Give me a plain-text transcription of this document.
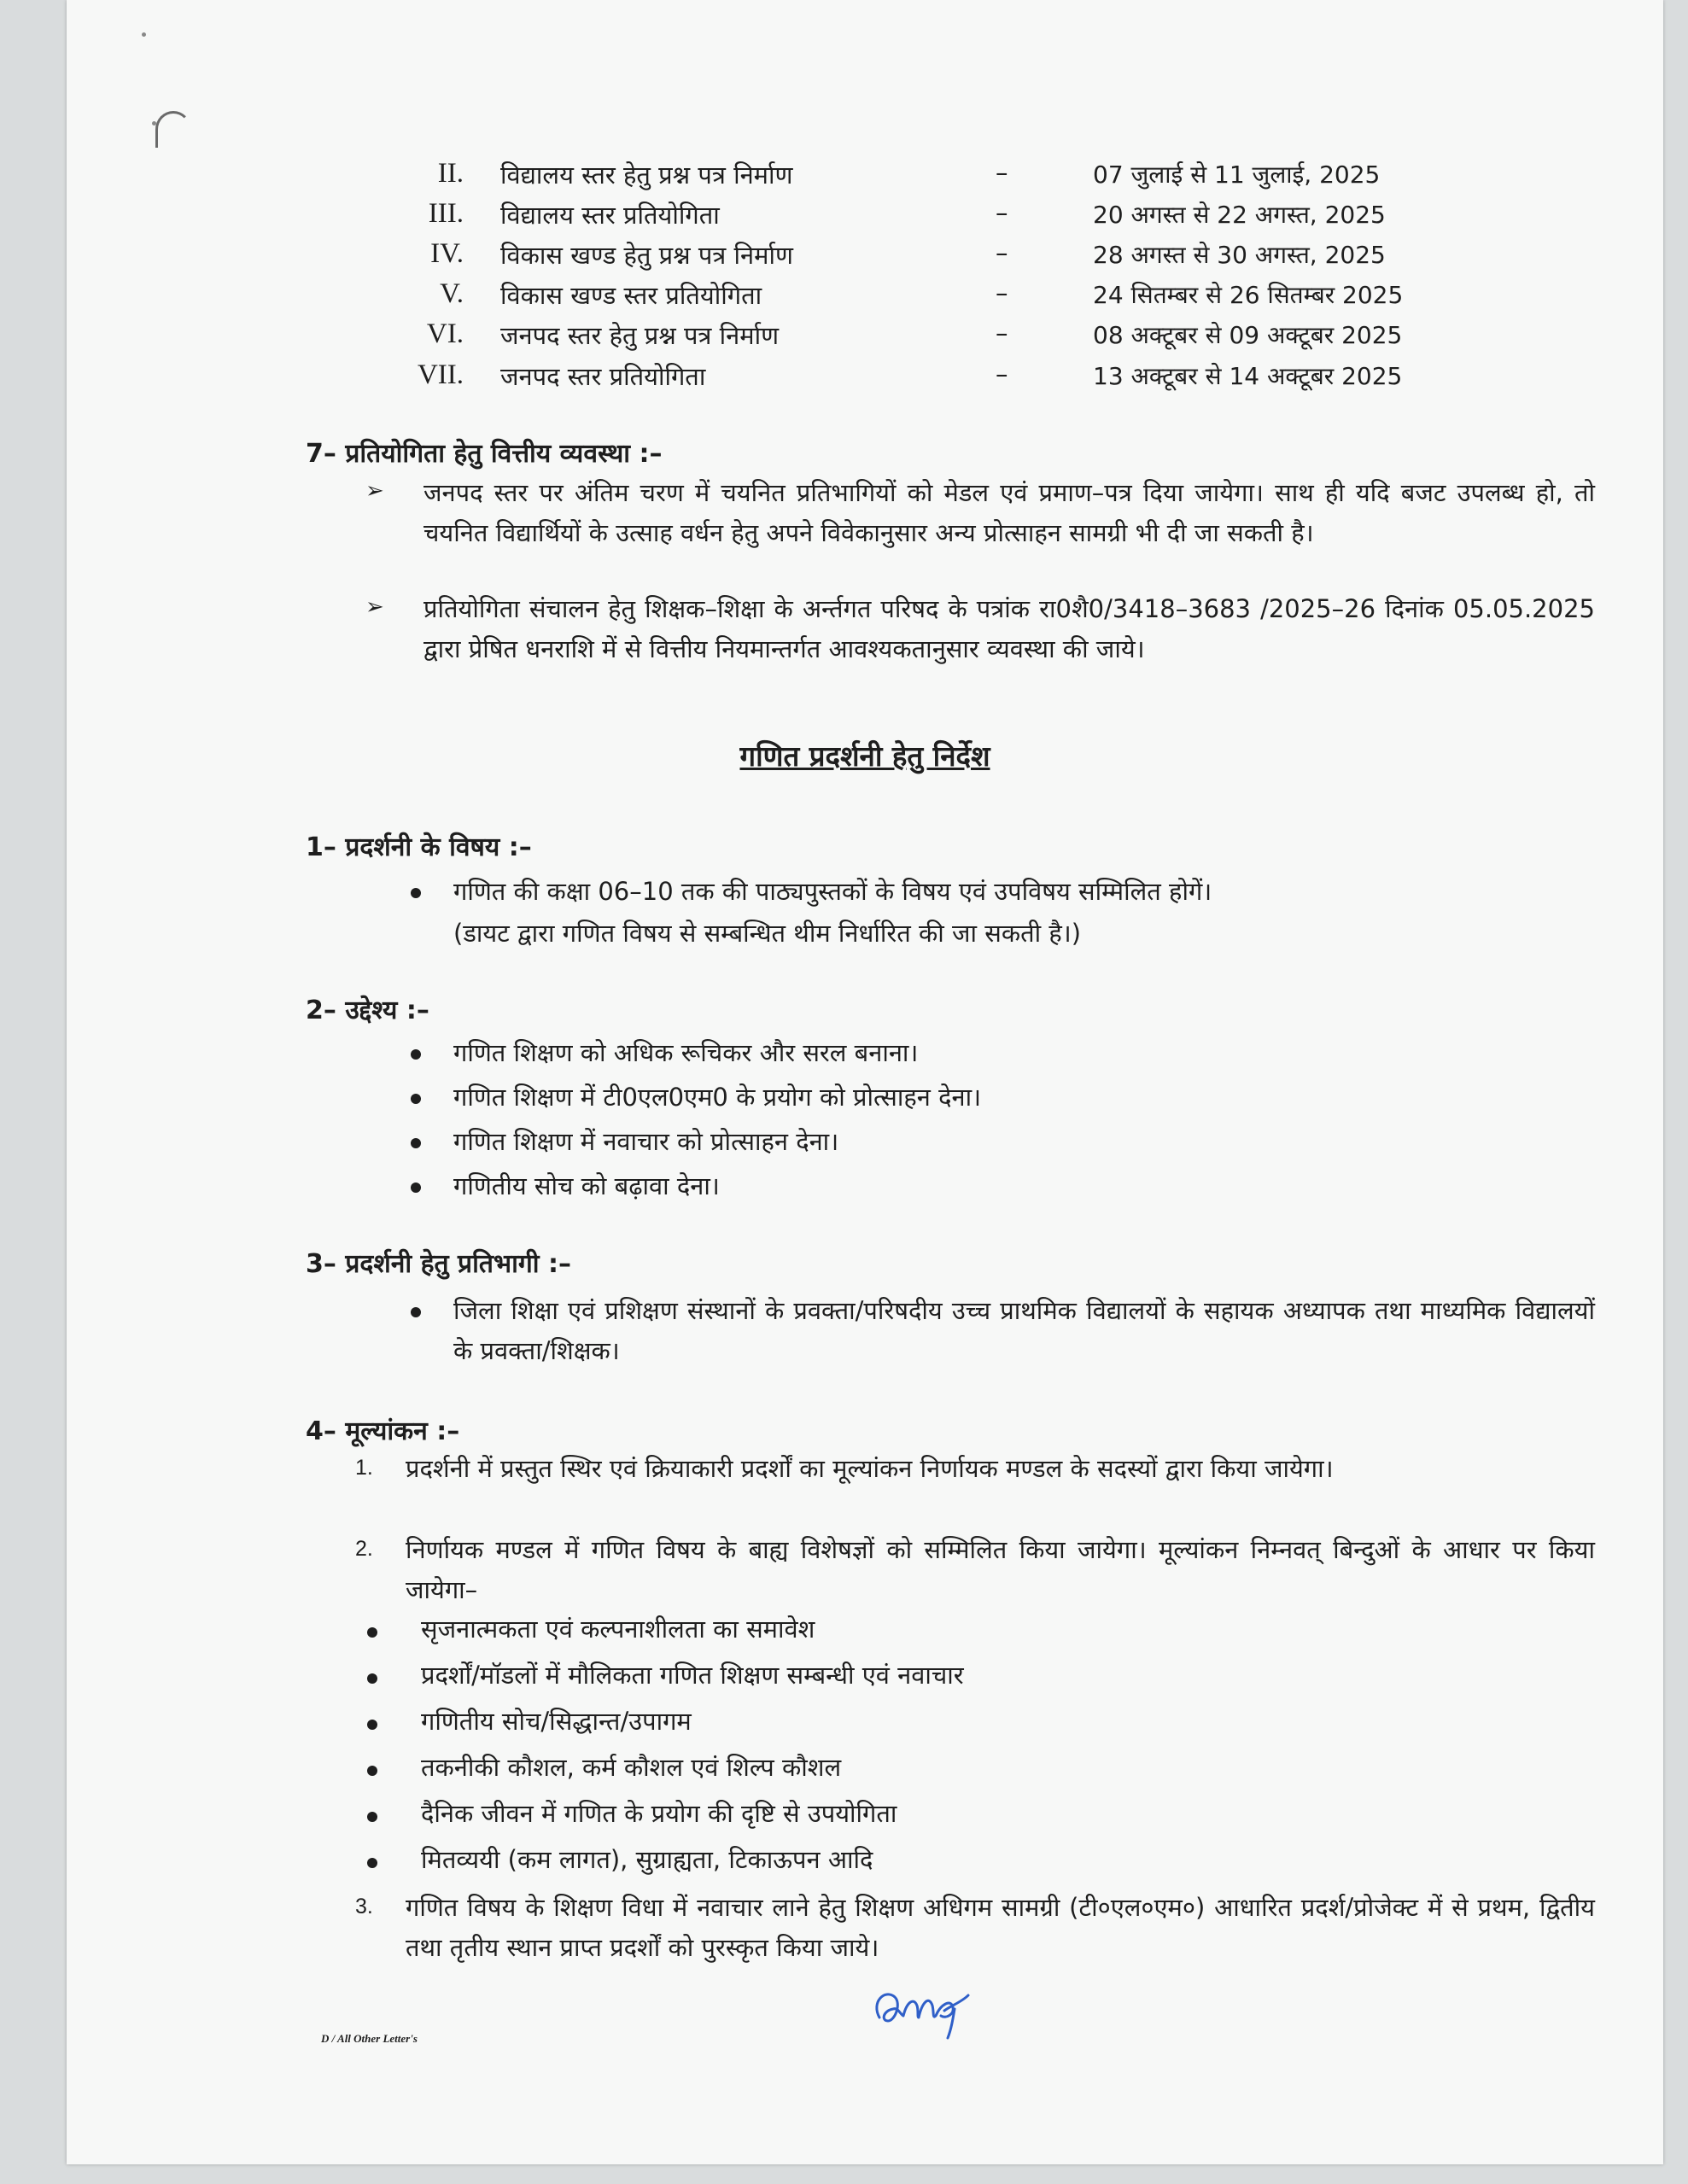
II. विद्यालय स्तर हेतु प्रश्न पत्र निर्माण	–	07 जुलाई से 11 जुलाई, 2025
III. विद्यालय स्तर प्रतियोगिता	–	20 अगस्त से 22 अगस्त, 2025
IV. विकास खण्ड हेतु प्रश्न पत्र निर्माण	–	28 अगस्त से 30 अगस्त, 2025
V. विकास खण्ड स्तर प्रतियोगिता	–	24 सितम्बर से 26 सितम्बर 2025
VI. जनपद स्तर हेतु प्रश्न पत्र निर्माण	–	08 अक्टूबर से 09 अक्टूबर 2025
VII. जनपद स्तर प्रतियोगिता	–	13 अक्टूबर से 14 अक्टूबर 2025
7– प्रतियोगिता हेतु वित्तीय व्यवस्था :–
➢ जनपद स्तर पर अंतिम चरण में चयनित प्रतिभागियों को मेडल एवं प्रमाण–पत्र दिया जायेगा। साथ ही यदि बजट उपलब्ध हो, तो चयनित विद्यार्थियों के उत्साह वर्धन हेतु अपने विवेकानुसार अन्य प्रोत्साहन सामग्री भी दी जा सकती है।
➢ प्रतियोगिता संचालन हेतु शिक्षक–शिक्षा के अर्न्तगत परिषद के पत्रांक रा0शै0/3418–3683 /2025–26 दिनांक 05.05.2025 द्वारा प्रेषित धनराशि में से वित्तीय नियमान्तर्गत आवश्यकतानुसार व्यवस्था की जाये।
गणित प्रदर्शनी हेतु निर्देश
1– प्रदर्शनी के विषय :–
गणित की कक्षा 06–10 तक की पाठ्यपुस्तकों के विषय एवं उपविषय सम्मिलित होगें।
(डायट द्वारा गणित विषय से सम्बन्धित थीम निर्धारित की जा सकती है।)
2– उद्देश्य :–
गणित शिक्षण को अधिक रूचिकर और सरल बनाना।
गणित शिक्षण में टी0एल0एम0 के प्रयोग को प्रोत्साहन देना।
गणित शिक्षण में नवाचार को प्रोत्साहन देना।
गणितीय सोच को बढ़ावा देना।
3– प्रदर्शनी हेतु प्रतिभागी :–
जिला शिक्षा एवं प्रशिक्षण संस्थानों के प्रवक्ता/परिषदीय उच्च प्राथमिक विद्यालयों के सहायक अध्यापक तथा माध्यमिक विद्यालयों के प्रवक्ता/शिक्षक।
4– मूल्यांकन :–
1. प्रदर्शनी में प्रस्तुत स्थिर एवं क्रियाकारी प्रदर्शों का मूल्यांकन निर्णायक मण्डल के सदस्यों द्वारा किया जायेगा।
2. निर्णायक मण्डल में गणित विषय के बाह्य विशेषज्ञों को सम्मिलित किया जायेगा। मूल्यांकन निम्नवत् बिन्दुओं के आधार पर किया जायेगा–
सृजनात्मकता एवं कल्पनाशीलता का समावेश
प्रदर्शों/मॉडलों में मौलिकता गणित शिक्षण सम्बन्धी एवं नवाचार
गणितीय सोच/सिद्धान्त/उपागम
तकनीकी कौशल, कर्म कौशल एवं शिल्प कौशल
दैनिक जीवन में गणित के प्रयोग की दृष्टि से उपयोगिता
मितव्ययी (कम लागत), सुग्राह्यता, टिकाऊपन आदि
3. गणित विषय के शिक्षण विधा में नवाचार लाने हेतु शिक्षण अधिगम सामग्री (टी०एल०एम०) आधारित प्रदर्श/प्रोजेक्ट में से प्रथम, द्वितीय तथा तृतीय स्थान प्राप्त प्रदर्शों को पुरस्कृत किया जाये।
D / All Other Letter's
